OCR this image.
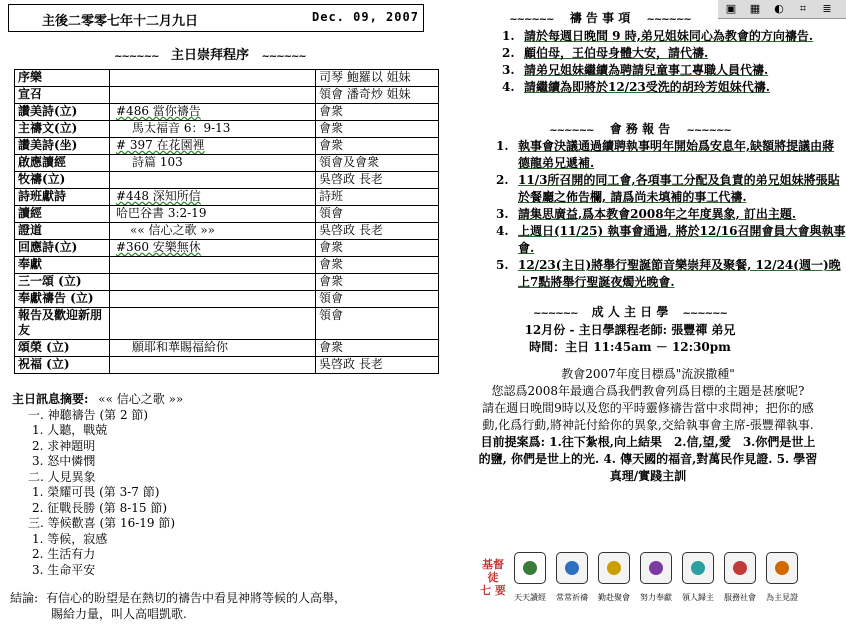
主後二零零七年十二月九日	Dec. 09, 2007
~~~~~~ 主日崇拜程序 ~~~~~~
序樂		司琴 鮑羅以 姐妹
宣召		領會 潘奇炒 姐妹
讚美詩(立)	#486 當你禱告	會衆
主禱文(立)	馬太福音 6：9-13	會衆
讚美詩(坐)	# 397 在花園裡	會衆
啟應讀經	詩篇 103	領會及會衆
牧禱(立)		吳啓政 長老
詩班獻詩	#448 深知所信	詩班
讀經	哈巴谷書 3:2-19	領會
證道	«« 信心之歌 »»	吳啓政 長老
回應詩(立)	#360 安樂無休	會衆
奉獻		會衆
三一頌 (立)		會衆
奉獻禱告 (立)		領會
報告及歡迎新朋友		領會
頌榮 (立)	願耶和華賜福給你	會衆
祝福 (立)		吳啓政 長老
主日訊息摘要: «« 信心之歌 »»
一. 神聽禱告 (第 2 節)
1. 人聽，戰兢
2. 求神題明
3. 怒中憐憫
二. 人見異象
1. 榮耀可畏 (第 3-7 節)
2. 征戰長勝 (第 8-15 節)
三. 等候歡喜 (第 16-19 節)
1. 等候，寂感
2. 生活有力
3. 生命平安
結論: 有信心的盼望是在熱切的禱告中看見神將等候的人高舉，
賜給力量，叫人高唱凱歌.
▣ ▦ ◐	⌗	≣
~~~~~~ 禱 告 事 項 ~~~~~~
1. 請於每週日晚間 9 時,弟兄姐妹同心為教會的方向禱告.
2. 顧伯母，王伯母身體大安，請代禱.
3. 請弟兄姐妹繼續為聘請兒童事工專職人員代禱.
4. 請繼續為即將於12/23受洗的胡玲芳姐妹代禱.
~~~~~~ 會 務 報 告 ~~~~~~
1. 執事會決議通過續聘執事明年開始爲安息年,缺額將提議由蔣德龍弟兄遞補.
2. 11/3所召開的同工會,各項事工分配及負責的弟兄姐妹將張貼於餐廳之佈告欄, 請爲尚未填補的事工代禱.
3. 請集思廣益,爲本教會2008年之年度異象, 訂出主題.
4. 上週日(11/25) 執事會通過, 將於12/16召開會員大會與執事會.
5. 12/23(主日)將舉行聖誕節音樂崇拜及聚餐, 12/24(週一)晚上7點將舉行聖誕夜燭光晚會.
~~~~~~ 成 人 主 日 學 ~~~~~~
12月份 - 主日學課程老師: 張豐禪 弟兄
時間：主日 11:45am － 12:30pm
教會2007年度目標爲"流淚撒種"
您認爲2008年最適合爲我們教會列爲目標的主題是甚麼呢?
請在週日晚間9時以及您的平時靈修禱告當中求問神；把你的感
動,化爲行動,將神託付給你的異象,交給執事會主席-張豐禪執事.
目前提案爲: 1.往下紮根,向上結果　2.信,望,愛　3.你們是世上
的鹽, 你們是世上的光. 4. 傳天國的福音,對萬民作見證. 5. 學習
真理/實踐主訓
基督徒
七 要
天天讀經	常常祈禱	勤赴聚會	努力奉獻	領人歸主	服務社會	為主見證
